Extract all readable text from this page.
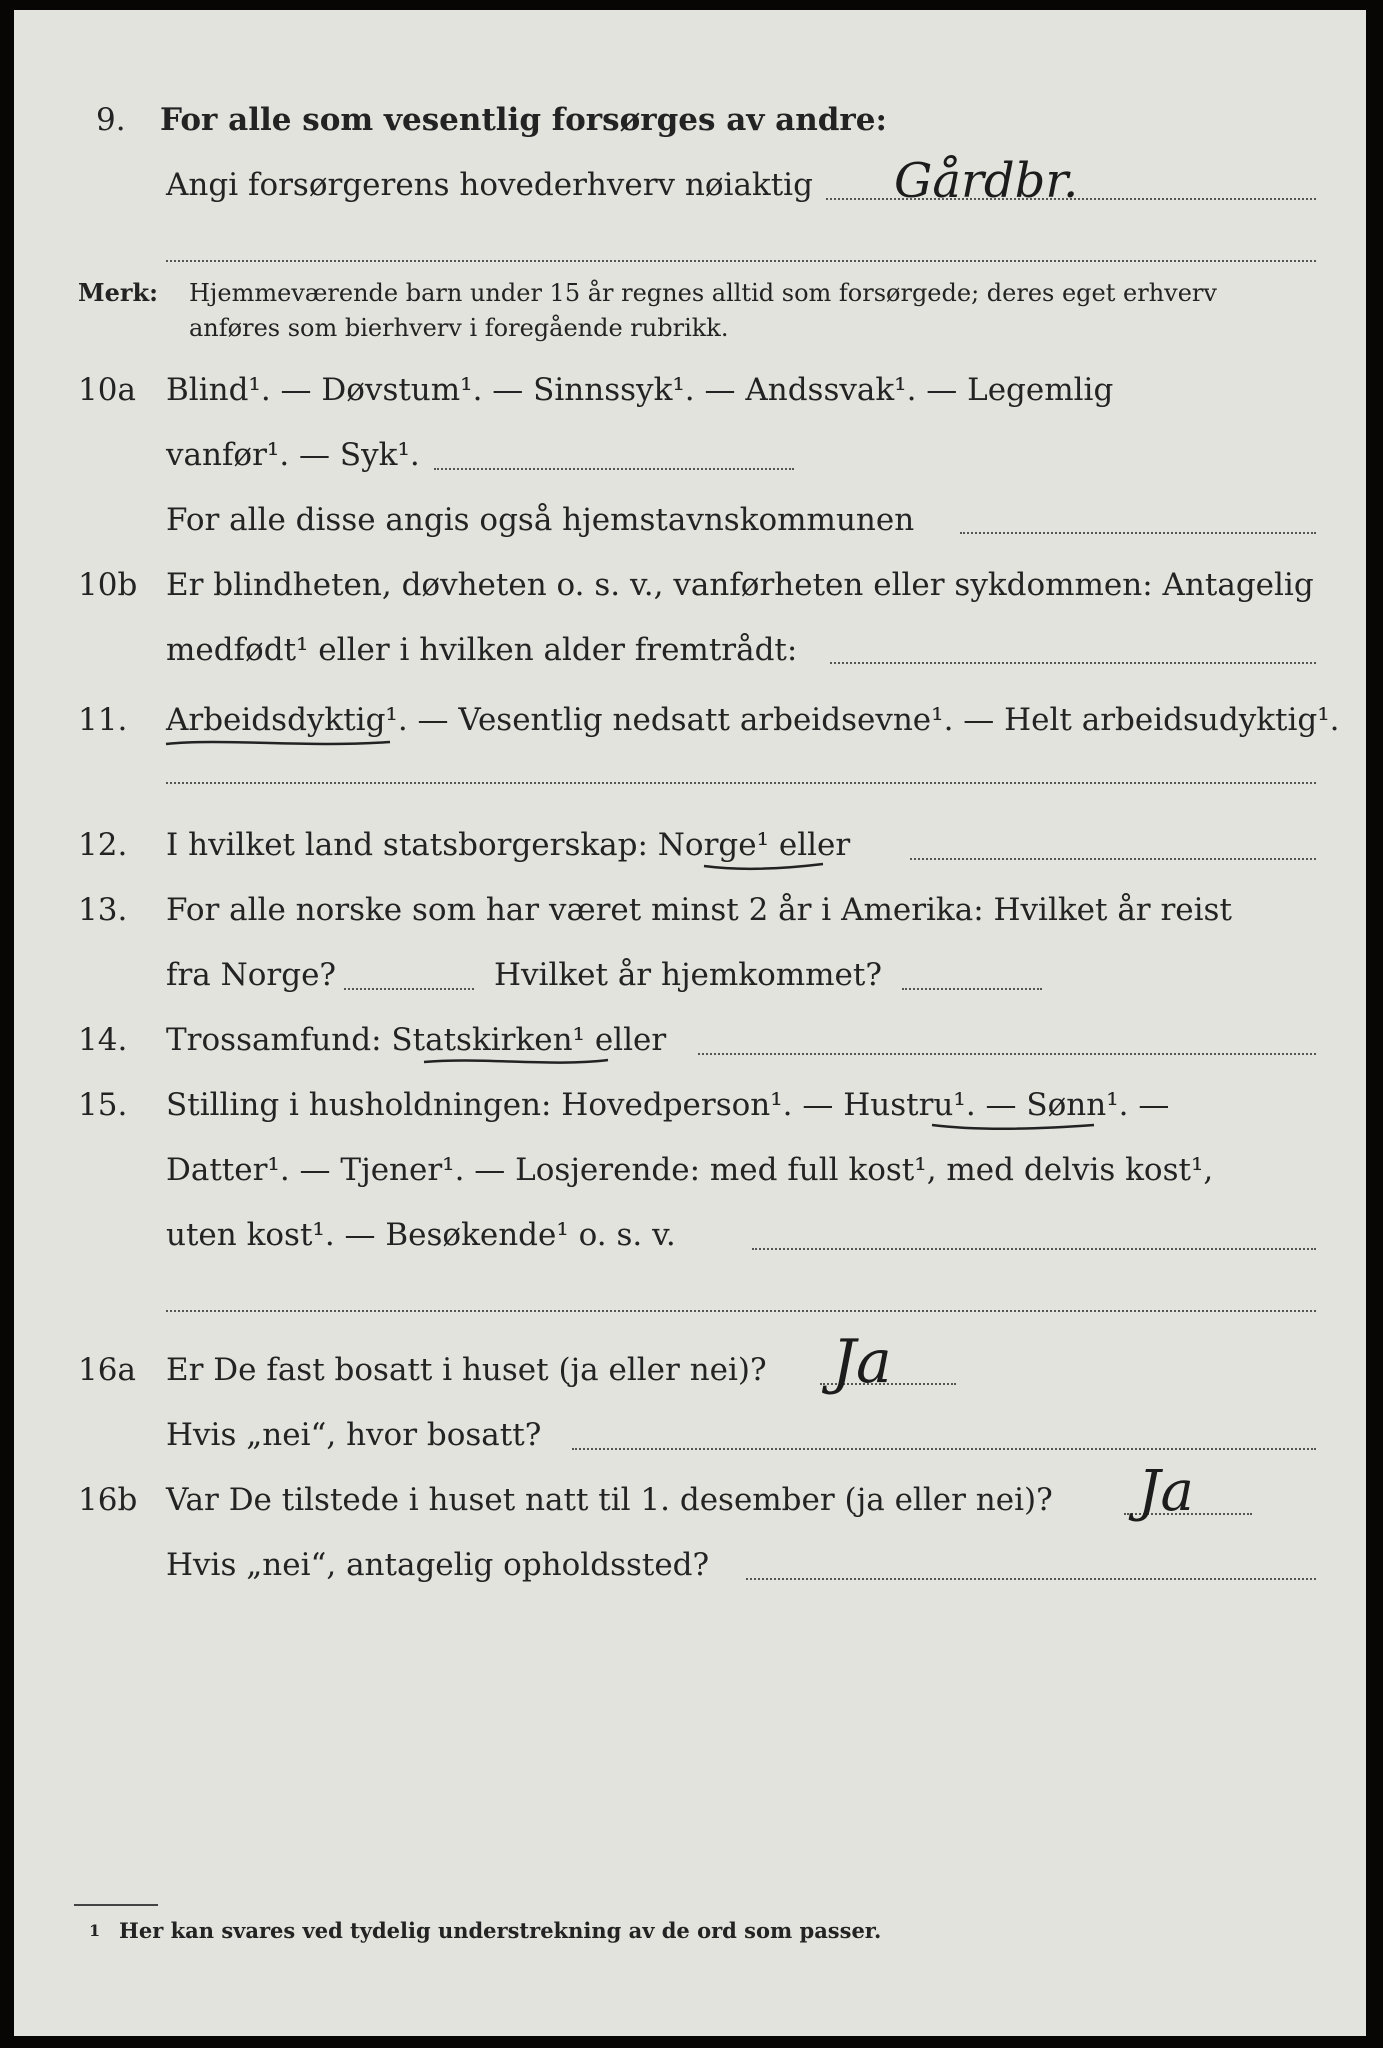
9. For alle som vesentlig forsørges av andre:
Angi forsørgerens hovederhverv nøiaktig Gårdbr.
Merk: Hjemmeværende barn under 15 år regnes alltid som forsørgede; deres eget erhverv
anføres som bierhverv i foregående rubrikk.
10a Blind¹. — Døvstum¹. — Sinnssyk¹. — Andssvak¹. — Legemlig
vanfør¹. — Syk¹.
For alle disse angis også hjemstavnskommunen
10b Er blindheten, døvheten o. s. v., vanførheten eller sykdommen: Antagelig
medfødt¹ eller i hvilken alder fremtrådt:
11. Arbeidsdyktig¹. — Vesentlig nedsatt arbeidsevne¹. — Helt arbeidsudyktig¹.
12. I hvilket land statsborgerskap: Norge¹ eller
13. For alle norske som har været minst 2 år i Amerika: Hvilket år reist
fra Norge?	Hvilket år hjemkommet?
14. Trossamfund: Statskirken¹ eller
15. Stilling i husholdningen: Hovedperson¹. — Hustru¹. — Sønn¹. —
Datter¹. — Tjener¹. — Losjerende: med full kost¹, med delvis kost¹,
uten kost¹. — Besøkende¹ o. s. v.
16a Er De fast bosatt i huset (ja eller nei)? Ja
Hvis „nei“, hvor bosatt?
16b Var De tilstede i huset natt til 1. desember (ja eller nei)? Ja
Hvis „nei“, antagelig opholdssted?
1 Her kan svares ved tydelig understrekning av de ord som passer.
